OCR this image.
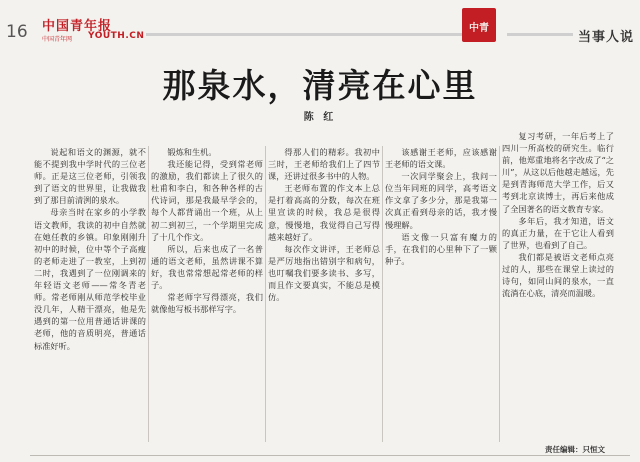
16 中国青年报
中国青年网 YOUTH.CN
中青
当事人说
那泉水，清亮在心里
陈 红

说起和语文的渊源，就不能不提到我中学时代的三位老师。正是这三位老师，引领我到了语文的世界里，让我做我到了那目前清洌的泉水。

母亲当时在家乡的小学教语文教师，我读的初中自然就在她任教的乡镇。印象刚刚升初中的时候，位中等个子高瘦的老师走进了一教室，上到初二时，我遇到了一位刚调来的年轻语文老师——常冬青老师。常老师刚从师范学校毕业没几年，人精干漂亮，他是先遇到的第一位用普通话讲课的老师，他的音质明亮，普通话标准好听。

锻炼和生机。

我还能记得，受到常老师的激励，我们都读上了很久的杜甫和李白，和各种各样的古代诗词，那是我最早学会的，每个人都背诵出一个班，从上初二到初三，一个学期里完成了十几个作文。

所以，后来也成了一名普通的语文老师，虽然讲课不算好，我也常常想起常老师的样子。

常老师字写得漂亮，我们就像他写板书那样写字。

得那人们的精彩。我初中三时，王老师给我们上了四节课，还讲过很多书中的人物。

王老师布置的作文本上总是打着高高的分数，每次在班里宣读的时候，我总是很得意，慢慢地，我觉得自己写得越来越好了。

每次作文讲评，王老师总是严厉地指出错别字和病句，也叮嘱我们要多读书、多写，而且作文要真实，不能总是模仿。

该感谢王老师，应该感谢王老师的语文课。

一次同学聚会上，我问一位当年同班的同学，高考语文作文拿了多少分，那是我第一次真正看到母亲的话，我才慢慢理解。

语文像一只富有魔力的手，在我们的心里种下了一颗种子。

复习考研，一年后考上了四川一所高校的研究生。临行前，他郑重地将名字改成了“之川”，从这以后他越走越远，先是到青海师范大学工作，后又考到北京读博士，再后来他成了全国著名的语文教育专家。

多年后，我才知道，语文的真正力量，在于它让人看到了世界，也看到了自己。

我们都是被语文老师点亮过的人，那些在课堂上读过的诗句，如同山间的泉水，一直流淌在心底，清亮而温暖。

责任编辑：只恒文
